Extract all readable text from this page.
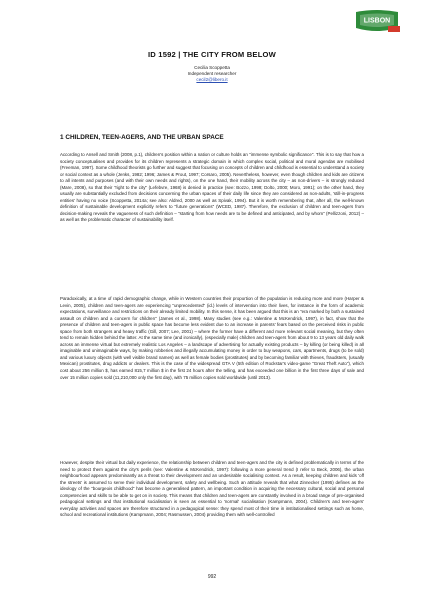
LISBON
ID 1592 | THE CITY FROM BELOW
Cecilia Scoppetta
Independent researcher
cecil2@libero.it
1 CHILDREN, TEEN-AGERS, AND THE URBAN SPACE

According to Ansell and Smith (2008, p.1), children's position within a nation or culture holds an "immense symbolic significance". This is to say that how a society conceptualises and provides for its children represents a strategic domain in which complex social, political and moral agendas are mobilised (Freeman, 1997). Some childhood theorists go further and suggest that focusing on concepts of children and childhood is essential to understand a society or social context as a whole (Jenks, 1982; 1996; James & Prout, 1997; Corsaro, 2005). Nevertheless, however, even though children and kids are citizens to all intents and purposes (and with their own needs and rights), on the one hand, their mobility across the city – as non-drivers – is strongly reduced (Mare, 2008), so that their "right to the city" (Lefebvre, 1968) is denied in practice (see: Bozzo, 1998; Dolto, 2000; Moro, 1991); on the other hand, they usually are substantially excluded from decisions concerning the urban spaces of their daily life since they are considered as non-adults, 'still-in-progress entities' having no voice (Scoppetta, 2014a; see also: Aldred, 2000 as well as Spivak, 1994). But it is worth remembering that, after all, the well-known definition of sustainable development explicitly refers to "future generations" (WCED, 1987). Therefore, the exclusion of children and teen-agers from decision-making reveals the vagueness of such definition – "starting from how needs are to be defined and anticipated, and by whom" (Pellizzoni, 2012) – as well as the problematic character of sustainability itself.

Paradoxically, at a time of rapid demographic change, while in Western countries their proportion of the population is reducing more and more (Harper & Levin, 2005), children and teen-agers are experiencing "unprecedented" (id.) levels of intervention into their lives, for instance in the form of academic expectations, surveillance and restrictions on their already limited mobility. In this sense, it has been argued that this is an "era marked by both a sustained assault on children and a concern for children" (James et al., 1998). Many studies (see e.g.: Valentine & McKendrick, 1997), in fact, show that the presence of children and teen-agers in public space has become less evident due to an increase in parents' fears based on the perceived risks in public space from both strangers and heavy traffic (Gill, 2007; Lee, 2001) – where the former have a different and more relevant social meaning, but they often tend to remain hidden behind the latter. At the same time (and ironically), (especially male) children and teen-agers from about 9 to 13 years old daily walk across an immense virtual but extremely realistic Los Angeles – a landscape of advertising for actually existing products – by killing (or being killed) in all imaginable and unimaginable ways, by making robberies and illegally accumulating money in order to buy weapons, cars, apartments, drugs (to be sold) and various luxury objects (with well visible brand names) as well as female bodies (prostitutes) and by becoming familiar with thieves, fraudsters, (usually Mexican) prostitutes, drug addicts or dealers. This is the case of the widespread GTA V (5th edition of Rockstar's video-game "Great Theft Auto"), which cost about 256 million $, has earned 815,7 million $ in the first 24 hours after the telling, and has exceeded one billion in the first three days of sale and over 15 million copies sold (11,210,000 only the first day), with 75 million copies sold worldwide (until 2013).

However, despite their virtual but daily experience, the relationship between children and teen-agers and the city is defined problematically in terms of the need to protect them against the city's perils (see: Valentine & McKendrick, 1997): following a more general trend (I refer to Beck, 2006), the urban neighbourhood appears predominantly as a threat to their development and an undesirable socialising context. As a result, keeping children and kids 'off the streets' is assumed to serve their individual development, safety and wellbeing. Such an attitude reveals that what Zinnecker (1995) defines as the ideology of the "bourgeois childhood" has become a generalised pattern, an important condition in acquiring the necessary cultural, social and personal competencies and skills to be able to get on in society. This means that children and teen-agers are constantly involved in a broad range of pre-organised pedagogical settings and that institutional socialisation is seen as essential to 'normal' socialisation (Kampmann, 2004). Children's and teen-agers' everyday activities and spaces are therefore structured in a pedagogical sense: they spend most of their time in institutionalised settings such as home, school and recreational institutions (Kampmann, 2004; Rasmussen, 2004) providing them with well-controlled

992
